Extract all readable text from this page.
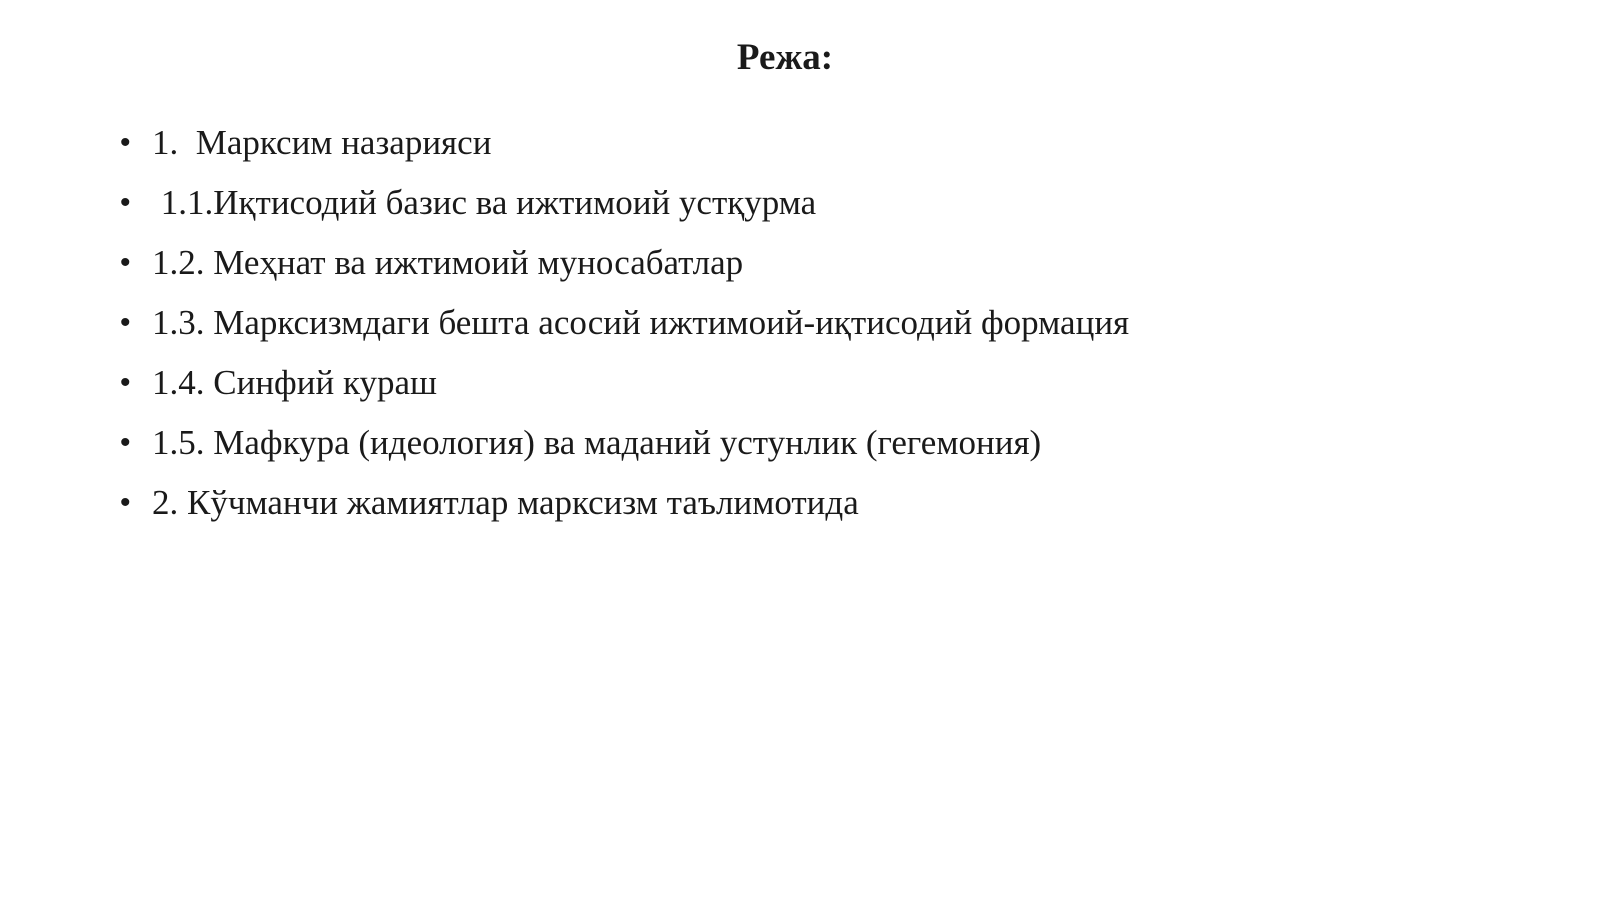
Режа:
• 1.  Марксим назарияси
• 1.1.Иқтисодий базис ва ижтимоий устқурма
• 1.2. Меҳнат ва ижтимоий муносабатлар
• 1.3. Марксизмдаги бешта асосий ижтимоий-иқтисодий формация
• 1.4. Синфий кураш
• 1.5. Мафкура (идеология) ва маданий устунлик (гегемония)
• 2. Кўчманчи жамиятлар марксизм таълимотида
